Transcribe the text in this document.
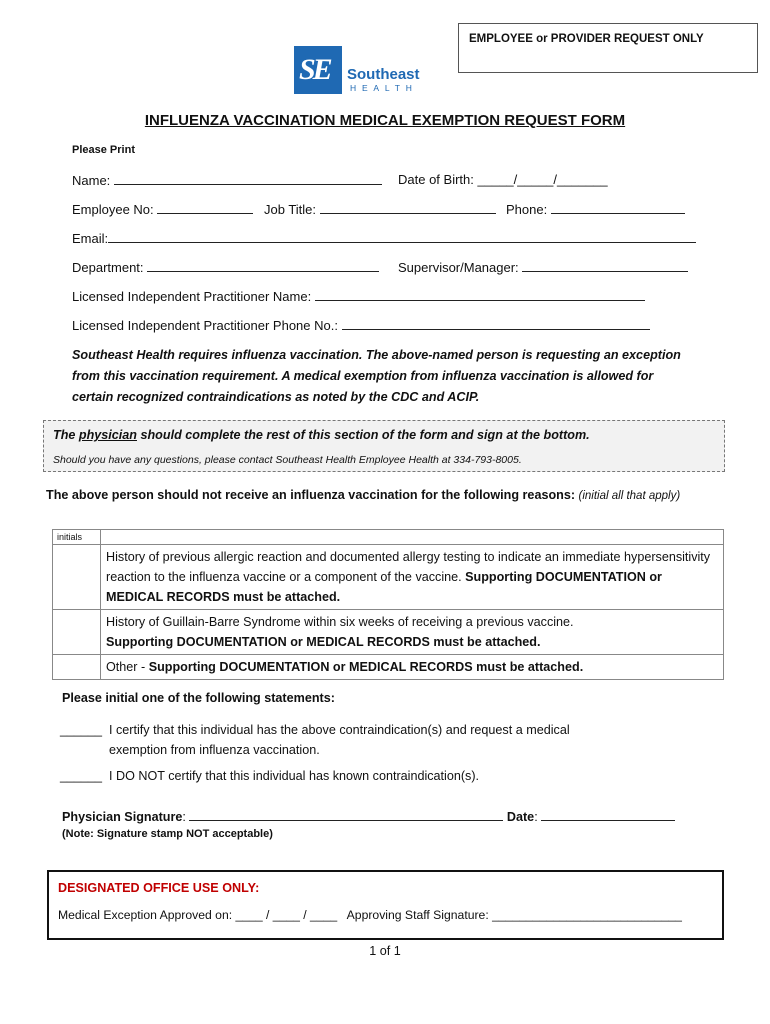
EMPLOYEE or PROVIDER REQUEST ONLY
SE Southeast
HEALTH
INFLUENZA VACCINATION MEDICAL EXEMPTION REQUEST FORM
Please Print
Name:	Date of Birth: _____/_____/_______
Employee No:	Job Title:	Phone:
Email:
Department:	Supervisor/Manager:
Licensed Independent Practitioner Name:
Licensed Independent Practitioner Phone No.:
Southeast Health requires influenza vaccination. The above-named person is requesting an exception from this vaccination requirement. A medical exemption from influenza vaccination is allowed for certain recognized contraindications as noted by the CDC and ACIP.
The physician should complete the rest of this section of the form and sign at the bottom.
Should you have any questions, please contact Southeast Health Employee Health at 334-793-8005.
The above person should not receive an influenza vaccination for the following reasons: (initial all that apply)
initials	
	History of previous allergic reaction and documented allergy testing to indicate an immediate hypersensitivity reaction to the influenza vaccine or a component of the vaccine. Supporting DOCUMENTATION or MEDICAL RECORDS must be attached.
	History of Guillain-Barre Syndrome within six weeks of receiving a previous vaccine.
Supporting DOCUMENTATION or MEDICAL RECORDS must be attached.
	Other - Supporting DOCUMENTATION or MEDICAL RECORDS must be attached.
Please initial one of the following statements:
______ I certify that this individual has the above contraindication(s) and request a medical exemption from influenza vaccination.
______ I DO NOT certify that this individual has known contraindication(s).
Physician Signature:	Date:
(Note: Signature stamp NOT acceptable)
DESIGNATED OFFICE USE ONLY:
Medical Exception Approved on: ____ / ____ / ____ Approving Staff Signature: ____________________________
1 of 1
